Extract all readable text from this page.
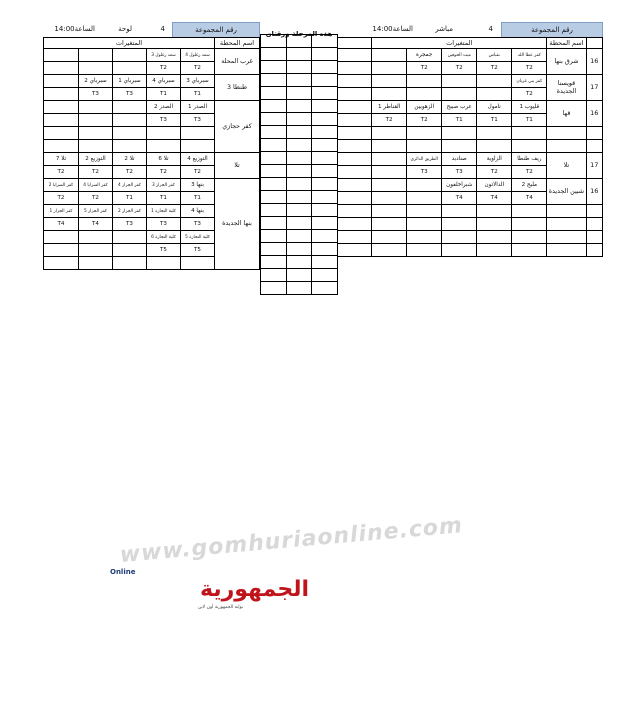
رقم المجموعة
4
مباشر
الساعة14:00
رقم المجموعة
4
لوحة
الساعة14:00
هذه المرحلة ورقتان
	اسم المحطة	المتغيرات					
16	شرق بنها	كفر عطا الله	نقباس	ميت الحوفين	جمجرة		
		T2	T2	T2	T2		
17	قويسنا الجديدة	كفر بني غريان					
		T2					
16	قها	قليوب 1	نامول	عرب صبيح	الزهويين	القناطر 1	
		T1	T1	T1	T2	T2	

17	تلا	ريف طنطا	الزاوية	صنادبد	الطريق الدائري		
		T2	T2	T3	T3		
16	شبين الجديدة	مليج 2	الدالاتون	شبراخلفون			
		T4	T4	T4			

اسم المحطة	المتغيرات				
غرب المحلة	سعد زغلول 4	سعد زغلول 3			
	T2	T2			
طنطا 3	سبرباي 3	سبرباي 4	سبرباي 1	سبرباي 2	
	T1	T1	T3	T3	
كفر حجازي	الصدر 1	الصدر 2			
	T3	T3			

تلا	التوزيع 4	تلا 6	تلا 2	التوزيع 2	تلا 7
	T2	T2	T2	T2	T2
بنها الجديدة	بنها 3	كفر الجزار 3	كفر الجزار 4	كفر السرايا 4	كفر السرايا 2
	T1	T1	T1	T2	T2
	بنها 4	كلية التجارة 1	كفر الجزار 2	كفر الجزار 5	كفر الجزار 1
	T3	T3	T3	T4	T4
	كلية التجارة 5	كلية التجارة 6			
	T5	T5			

www.gomhuriaonline.com
الجمهورية
Online
بوابة الجمهورية أون لاين
